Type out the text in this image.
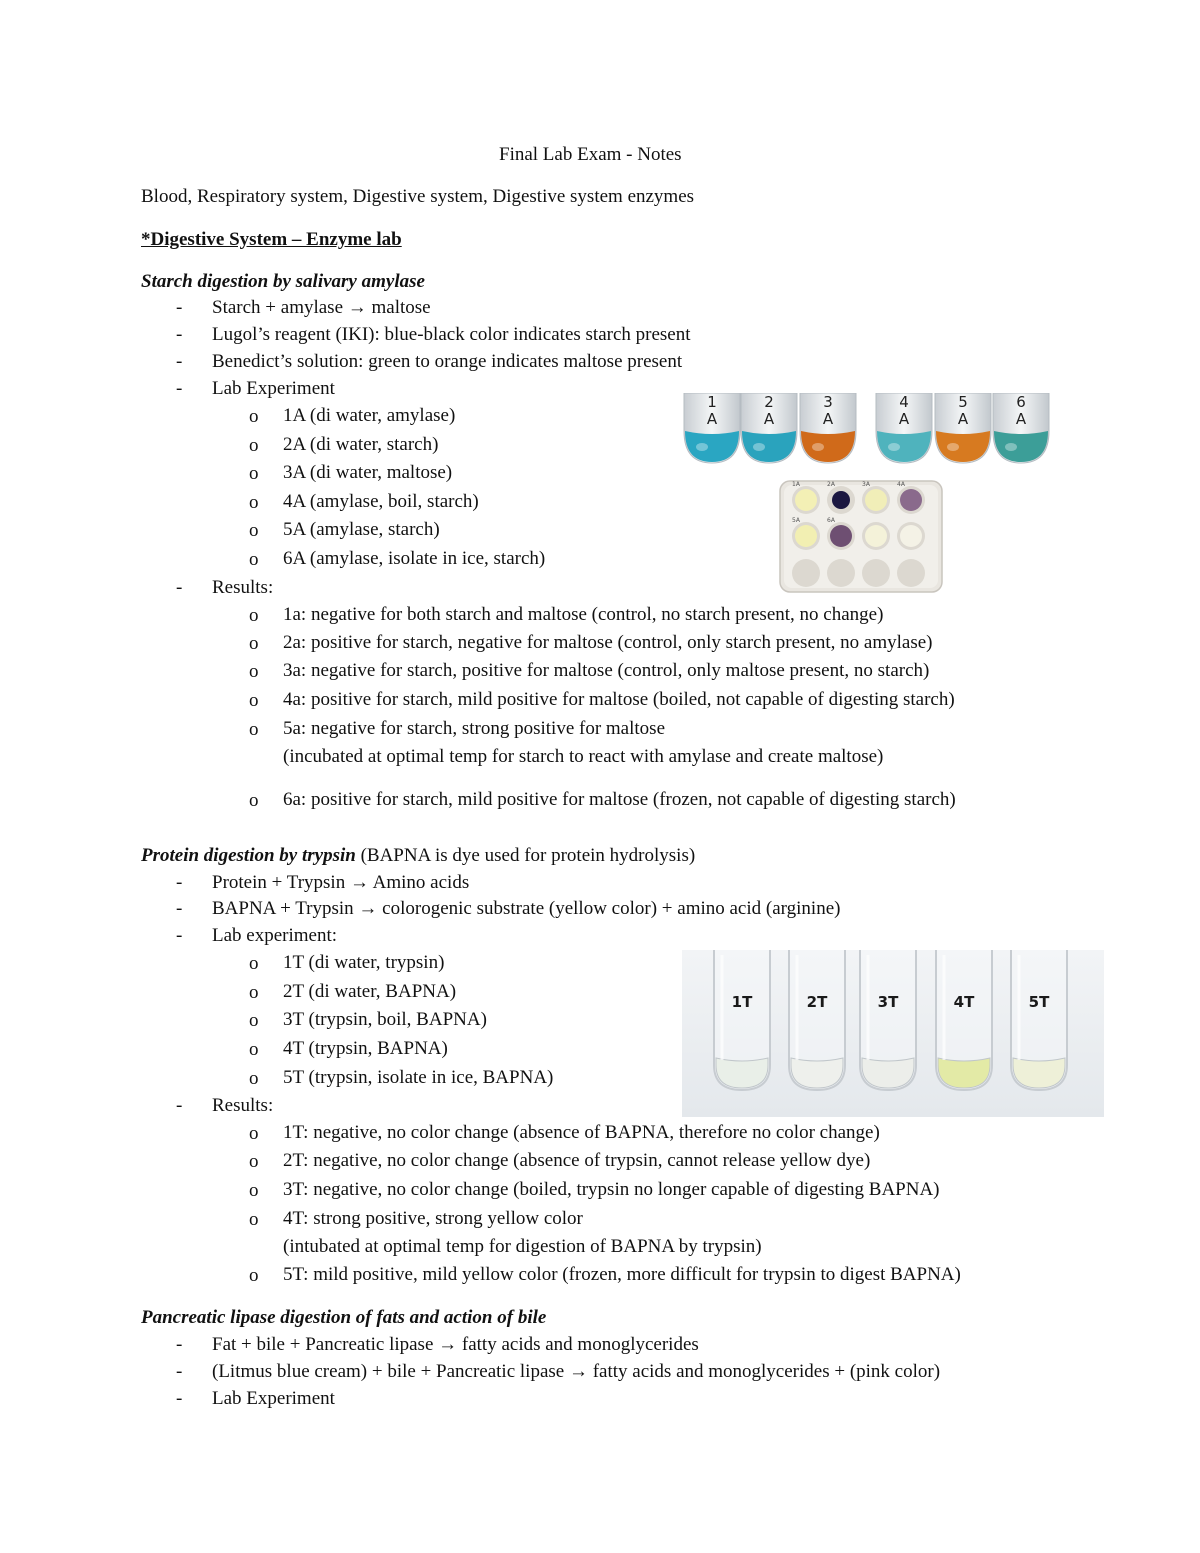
Final Lab Exam - Notes
Blood, Respiratory system, Digestive system, Digestive system enzymes
*Digestive System – Enzyme lab
Starch digestion by salivary amylase
- Starch + amylase → maltose
- Lugol’s reagent (IKI): blue-black color indicates starch present
- Benedict’s solution: green to orange indicates maltose present
- Lab Experiment
o 1A (di water, amylase)
o 2A (di water, starch)
o 3A (di water, maltose)
o 4A (amylase, boil, starch)
o 5A (amylase, starch)
o 6A (amylase, isolate in ice, starch)
- Results:
o 1a: negative for both starch and maltose (control, no starch present, no change)
o 2a: positive for starch, negative for maltose (control, only starch present, no amylase)
o 3a: negative for starch, positive for maltose (control, only maltose present, no starch)
o 4a: positive for starch, mild positive for maltose (boiled, not capable of digesting starch)
o 5a: negative for starch, strong positive for maltose
(incubated at optimal temp for starch to react with amylase and create maltose)
o 6a: positive for starch, mild positive for maltose (frozen, not capable of digesting starch)
1
A
2
A
3
A
4
A
5
A
6
A
1A	2A	3A	4A
5A	6A
Protein digestion by trypsin (BAPNA is dye used for protein hydrolysis)
- Protein + Trypsin → Amino acids
- BAPNA + Trypsin → colorogenic substrate (yellow color) + amino acid (arginine)
- Lab experiment:
o 1T (di water, trypsin)
o 2T (di water, BAPNA)
o 3T (trypsin, boil, BAPNA)
o 4T (trypsin, BAPNA)
o 5T (trypsin, isolate in ice, BAPNA)
- Results:
o 1T: negative, no color change (absence of BAPNA, therefore no color change)
o 2T: negative, no color change (absence of trypsin, cannot release yellow dye)
o 3T: negative, no color change (boiled, trypsin no longer capable of digesting BAPNA)
o 4T: strong positive, strong yellow color
(intubated at optimal temp for digestion of BAPNA by trypsin)
o 5T: mild positive, mild yellow color (frozen, more difficult for trypsin to digest BAPNA)
1T	2T	3T	4T	5T
Pancreatic lipase digestion of fats and action of bile
- Fat + bile + Pancreatic lipase → fatty acids and monoglycerides
- (Litmus blue cream) + bile + Pancreatic lipase → fatty acids and monoglycerides + (pink color)
- Lab Experiment
